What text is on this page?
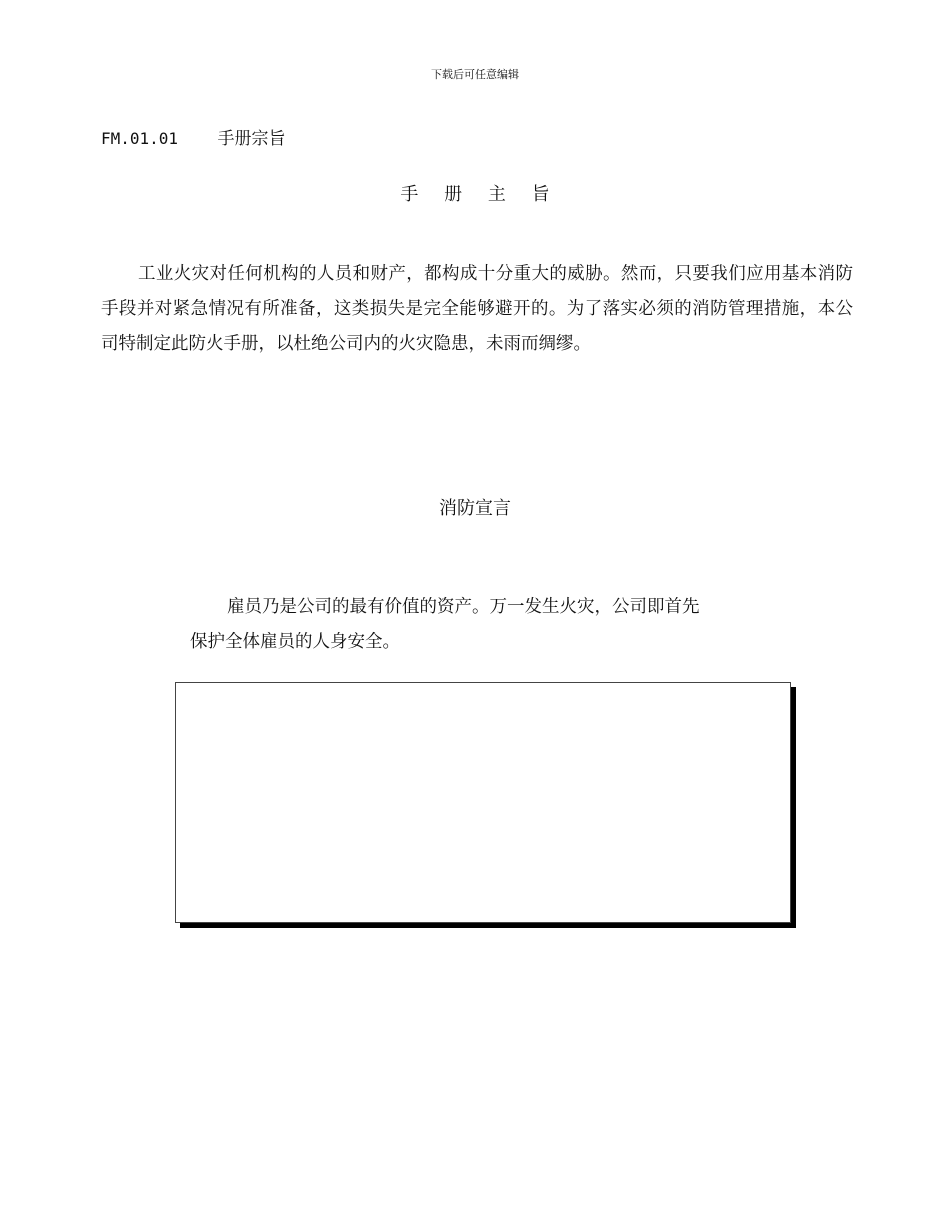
下载后可任意编辑
FM.01.01 手册宗旨
手 册 主 旨
工业火灾对任何机构的人员和财产，都构成十分重大的威胁。然而，只要我们应用基本消防手段并对紧急情况有所准备，这类损失是完全能够避开的。为了落实必须的消防管理措施，本公司特制定此防火手册，以杜绝公司内的火灾隐患，未雨而绸缪。
消防宣言
雇员乃是公司的最有价值的资产。万一发生火灾，公司即首先
保护全体雇员的人身安全。
